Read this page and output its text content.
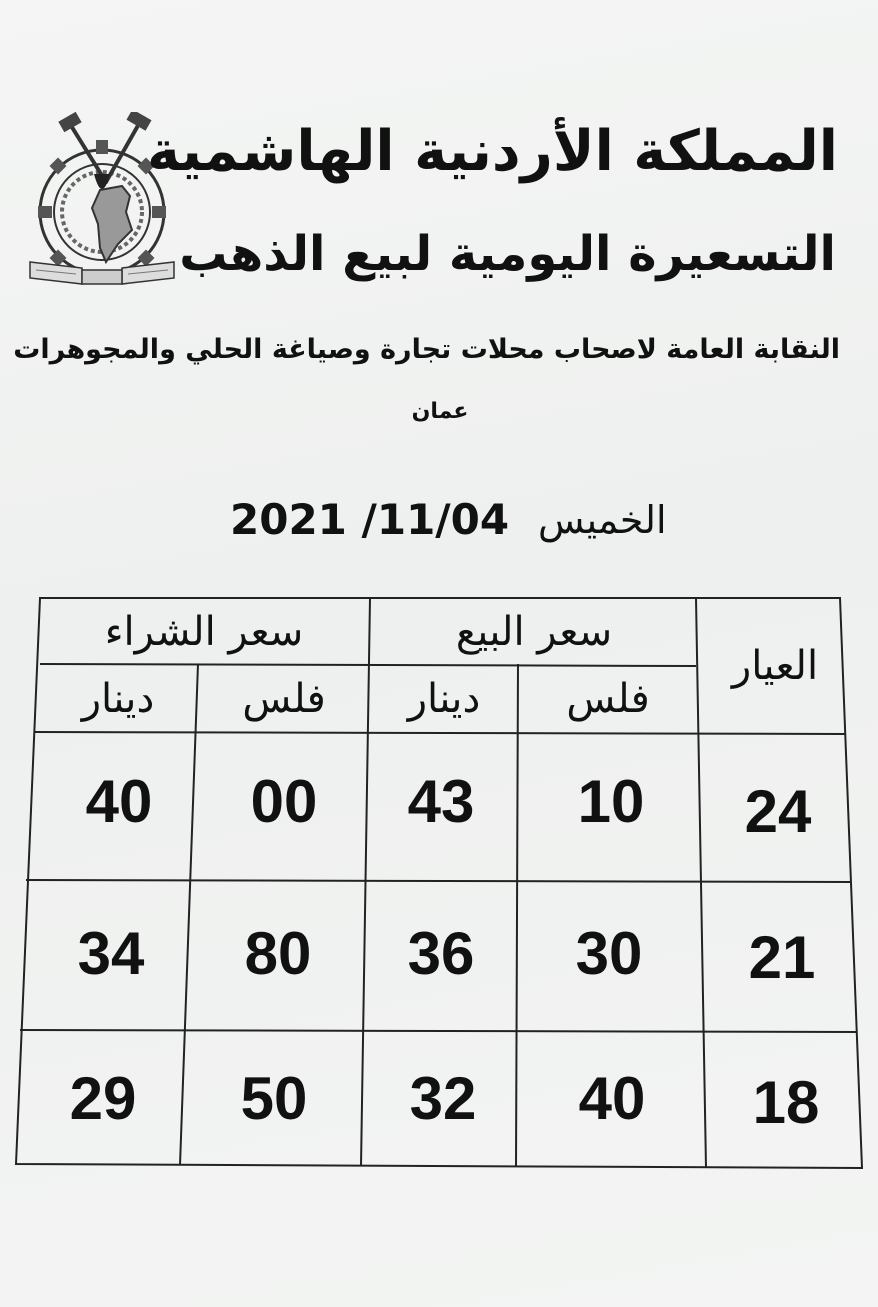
المملكة الأردنية الهاشمية
التسعيرة اليومية لبيع الذهب
النقابة العامة لاصحاب محلات تجارة وصياغة الحلي والمجوهرات
عمان
الخميس
2021 /11/04
العيار
سعر البيع
سعر الشراء
فلس
دينار
فلس
دينار
24
10
43
00
40
21
30
36
80
34
18
40
32
50
29
